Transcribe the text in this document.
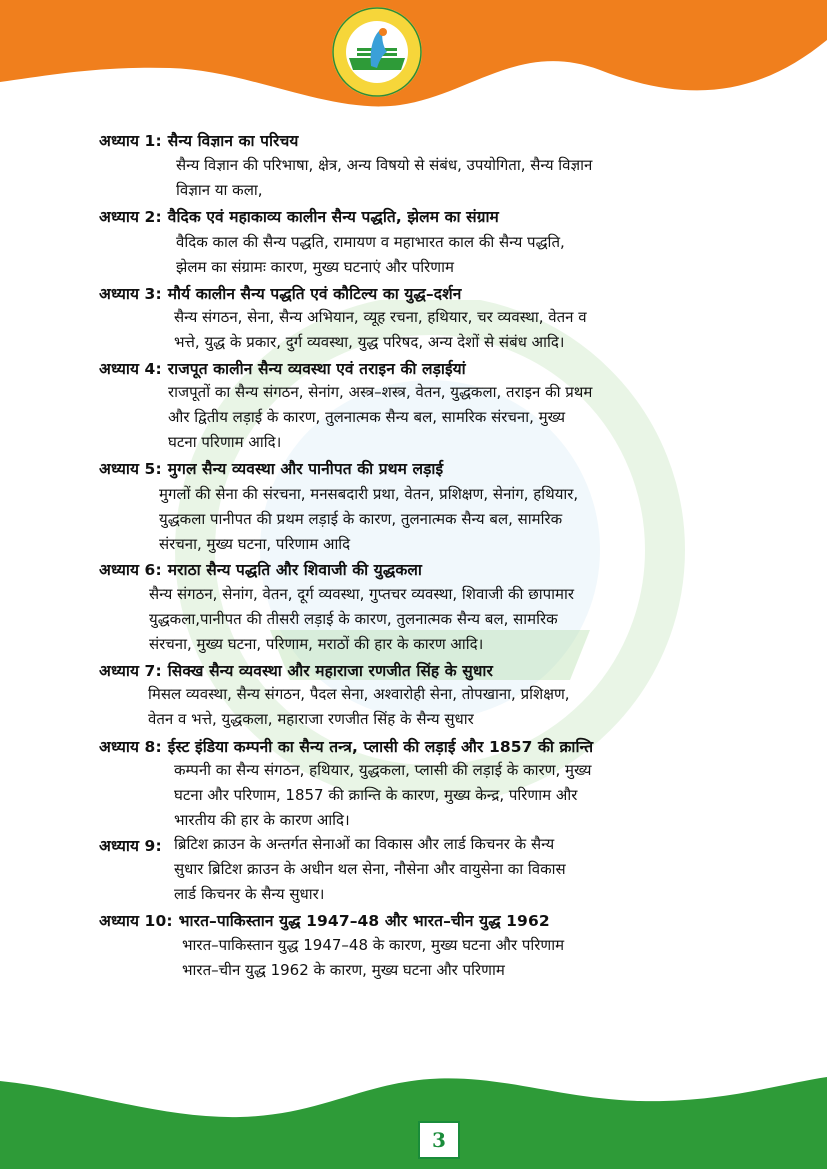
अध्याय 1: सैन्य विज्ञान का परिचय
सैन्य विज्ञान की परिभाषा, क्षेत्र, अन्य विषयो से संबंध, उपयोगिता, सैन्य विज्ञान
विज्ञान या कला,
अध्याय 2: वैदिक एवं महाकाव्य कालीन सैन्य पद्धति, झेलम का संग्राम
वैदिक काल की सैन्य पद्धति, रामायण व महाभारत काल की सैन्य पद्धति,
झेलम का संग्रामः कारण, मुख्य घटनाएं और परिणाम
अध्याय 3: मौर्य कालीन सैन्य पद्धति एवं कौटिल्य का युद्ध–दर्शन
सैन्य संगठन, सेना, सैन्य अभियान, व्यूह रचना, हथियार, चर व्यवस्था, वेतन व
भत्ते, युद्ध के प्रकार, दुर्ग व्यवस्था, युद्ध परिषद, अन्य देशों से संबंध आदि।
अध्याय 4: राजपूत कालीन सैन्य व्यवस्था एवं तराइन की लड़ाईयां
राजपूतों का सैन्य संगठन, सेनांग, अस्त्र–शस्त्र, वेतन, युद्धकला, तराइन की प्रथम
और द्वितीय लड़ाई के कारण, तुलनात्मक सैन्य बल, सामरिक संरचना, मुख्य
घटना परिणाम आदि।
अध्याय 5: मुगल सैन्य व्यवस्था और पानीपत की प्रथम लड़ाई
मुगलों की सेना की संरचना, मनसबदारी प्रथा, वेतन, प्रशिक्षण, सेनांग, हथियार,
युद्धकला पानीपत की प्रथम लड़ाई के कारण, तुलनात्मक सैन्य बल, सामरिक
संरचना, मुख्य घटना, परिणाम आदि
अध्याय 6: मराठा सैन्य पद्धति और शिवाजी की युद्धकला
सैन्य संगठन, सेनांग, वेतन, दूर्ग व्यवस्था, गुप्तचर व्यवस्था, शिवाजी की छापामार
युद्धकला,पानीपत की तीसरी लड़ाई के कारण, तुलनात्मक सैन्य बल, सामरिक
संरचना, मुख्य घटना, परिणाम, मराठों की हार के कारण आदि।
अध्याय 7: सिक्ख सैन्य व्यवस्था और महाराजा रणजीत सिंह के सुधार
मिसल व्यवस्था, सैन्य संगठन, पैदल सेना, अश्वारोही सेना, तोपखाना, प्रशिक्षण,
वेतन व भत्ते, युद्धकला, महाराजा रणजीत सिंह के सैन्य सुधार
अध्याय 8: ईस्ट इंडिया कम्पनी का सैन्य तन्त्र, प्लासी की लड़ाई और 1857 की क्रान्ति
कम्पनी का सैन्य संगठन, हथियार, युद्धकला, प्लासी की लड़ाई के कारण, मुख्य
घटना और परिणाम, 1857 की क्रान्ति के कारण, मुख्य केन्द्र, परिणाम और
भारतीय की हार के कारण आदि।
अध्याय 9: ब्रिटिश क्राउन के अन्तर्गत सेनाओं का विकास और लार्ड किचनर के सैन्य
सुधार ब्रिटिश क्राउन के अधीन थल सेना, नौसेना और वायुसेना का विकास
लार्ड किचनर के सैन्य सुधार।
अध्याय 10: भारत–पाकिस्तान युद्ध 1947–48 और भारत–चीन युद्ध 1962
भारत–पाकिस्तान युद्ध 1947–48 के कारण, मुख्य घटना और परिणाम
भारत–चीन युद्ध 1962 के कारण, मुख्य घटना और परिणाम
3
